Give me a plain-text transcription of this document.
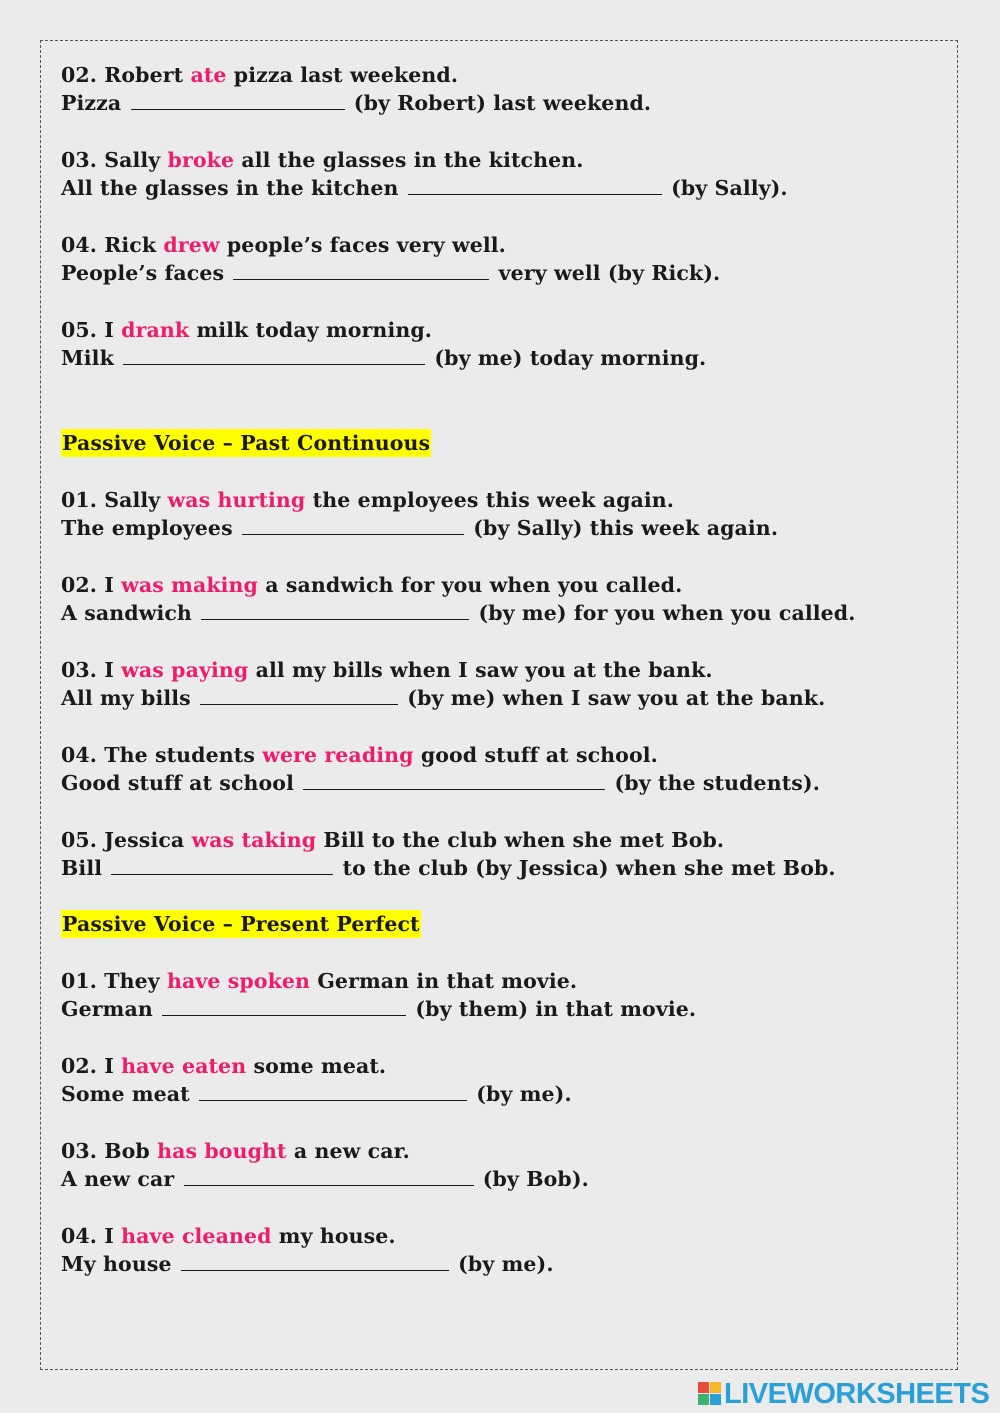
02. Robert ate pizza last weekend.
Pizza	(by Robert) last weekend.
03. Sally broke all the glasses in the kitchen.
All the glasses in the kitchen	(by Sally).
04. Rick drew people’s faces very well.
People’s faces	very well (by Rick).
05. I drank milk today morning.
Milk	(by me) today morning.
Passive Voice – Past Continuous
01. Sally was hurting the employees this week again.
The employees	(by Sally) this week again.
02. I was making a sandwich for you when you called.
A sandwich	(by me) for you when you called.
03. I was paying all my bills when I saw you at the bank.
All my bills	(by me) when I saw you at the bank.
04. The students were reading good stuff at school.
Good stuff at school	(by the students).
05. Jessica was taking Bill to the club when she met Bob.
Bill	to the club (by Jessica) when she met Bob.
Passive Voice – Present Perfect
01. They have spoken German in that movie.
German	(by them) in that movie.
02. I have eaten some meat.
Some meat	(by me).
03. Bob has bought a new car.
A new car	(by Bob).
04. I have cleaned my house.
My house	(by me).
LIVEWORKSHEETS
